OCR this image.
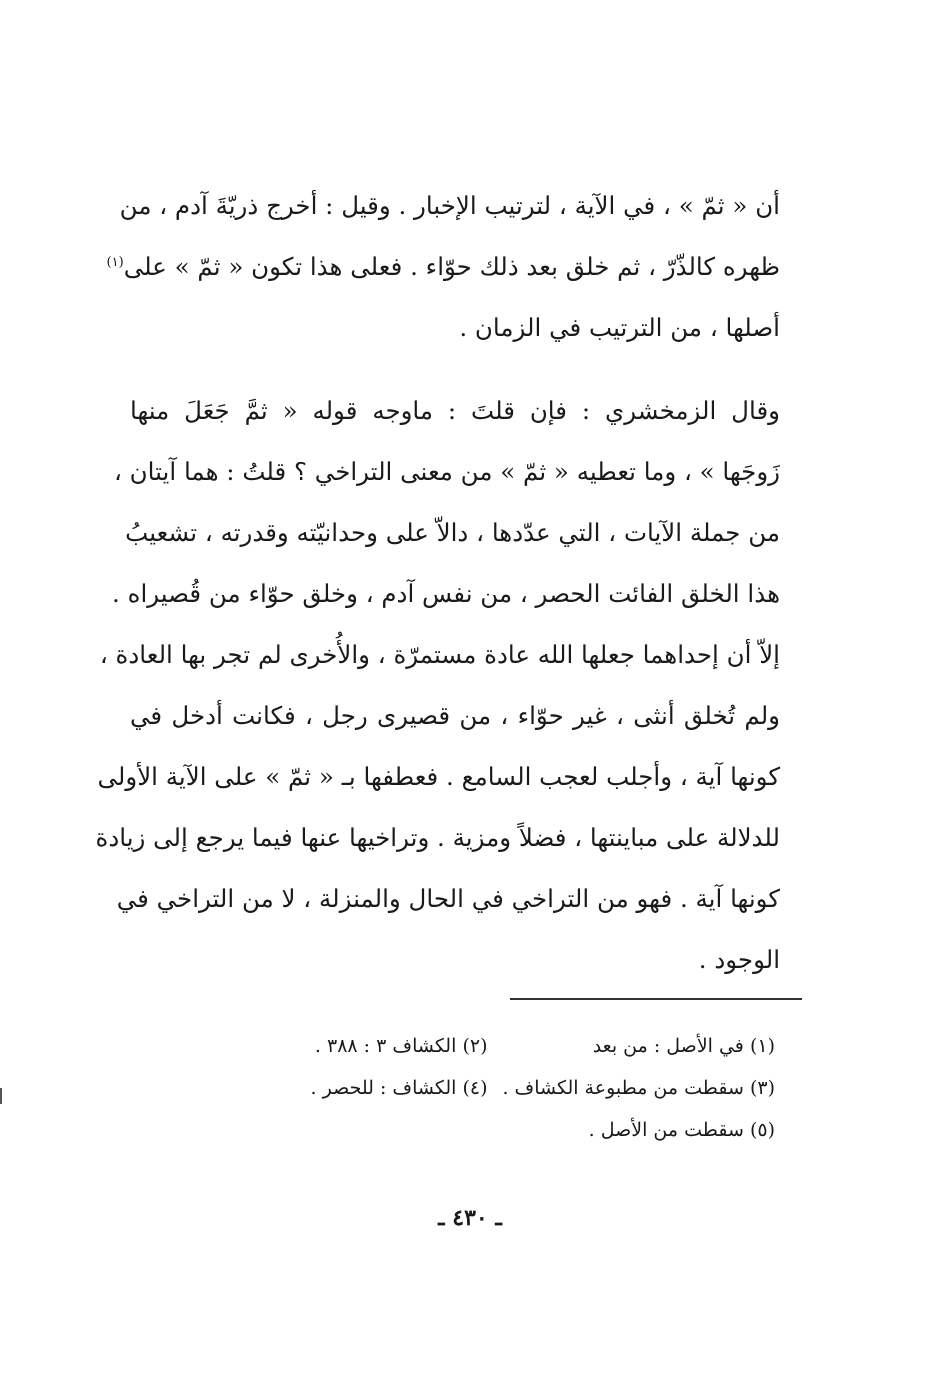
أن « ثمّ » ، في الآية ، لترتيب الإخبار . وقيل : أخرج ذريّةَ آدم ، من
ظهره كالذّرّ ، ثم خلق بعد ذلك حوّاء . فعلى هذا تكون « ثمّ » على$^{(١)}$
أصلها ، من الترتيب في الزمان .
وقال الزمخشري : فإن قلتَ : ماوجه قوله « ثمَّ جَعَلَ منها
زَوجَها » ، وما تعطيه « ثمّ » من معنى التراخي ؟ قلتُ : هما آيتان ،
من جملة الآيات ، التي عدّدها ، دالاّ على وحدانيّته وقدرته ، تشعيبُ
هذا الخلق الفائت الحصر ، من نفس آدم ، وخلق حوّاء من قُصيراه .
إلاّ أن إحداهما جعلها الله عادة مستمرّة ، والأُخرى لم تجر بها العادة ،
ولم تُخلق أنثى ، غير حوّاء ، من قصيرى رجل ، فكانت أدخل في
كونها آية ، وأجلب لعجب السامع . فعطفها بـ « ثمّ » على الآية الأولى
للدلالة على مباينتها ، فضلاً ومزية . وتراخيها عنها فيما يرجع إلى زيادة
كونها آية . فهو من التراخي في الحال والمنزلة ، لا من التراخي في
الوجود .
(١) في الأصل : من بعد
(٢) الكشاف ٣ : ٣٨٨ .
(٣) سقطت من مطبوعة الكشاف .
(٤) الكشاف : للحصر .
(٥) سقطت من الأصل .
ـ ٤٣٠ ـ
